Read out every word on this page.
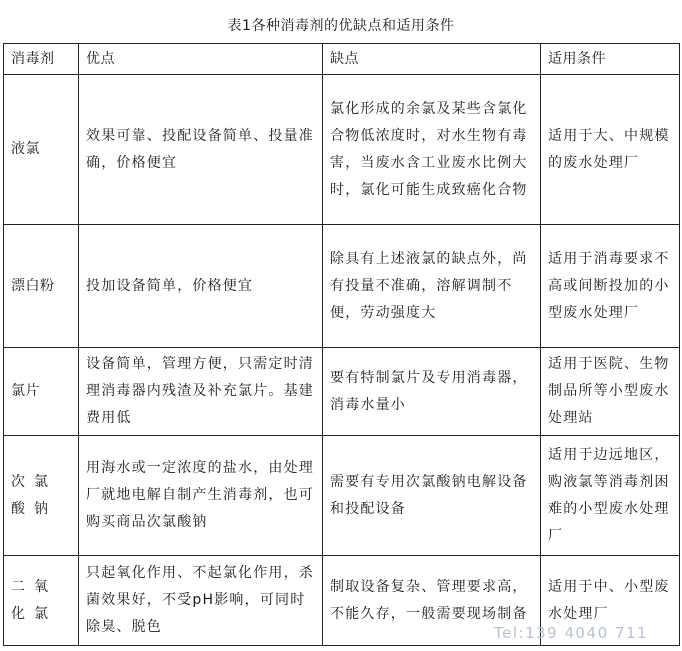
表1各种消毒剂的优缺点和适用条件
消毒剂	优点	缺点	适用条件
液氯	效果可靠、投配设备简单、投量准确，价格便宜	氯化形成的余氯及某些含氯化合物低浓度时，对水生物有毒害，当废水含工业废水比例大时，氯化可能生成致癌化合物	适用于大、中规模的废水处理厂
漂白粉	投加设备简单，价格便宜	除具有上述液氯的缺点外，尚有投量不准确，溶解调制不便，劳动强度大	适用于消毒要求不高或间断投加的小型废水处理厂
氯片	设备简单，管理方便，只需定时清理消毒器内残渣及补充氯片。基建费用低	要有特制氯片及专用消毒器，消毒水量小	适用于医院、生物制品所等小型废水处理站
次氯酸钠	用海水或一定浓度的盐水，由处理厂就地电解自制产生消毒剂，也可购买商品次氯酸钠	需要有专用次氯酸钠电解设备和投配设备	适用于边远地区，购液氯等消毒剂困难的小型废水处理厂
二氧化氯	只起氧化作用、不起氯化作用，杀菌效果好，不受pH影响，可同时除臭、脱色	制取设备复杂、管理要求高，不能久存，一般需要现场制备	适用于中、小型废水处理厂
Tel:139 4040 711
